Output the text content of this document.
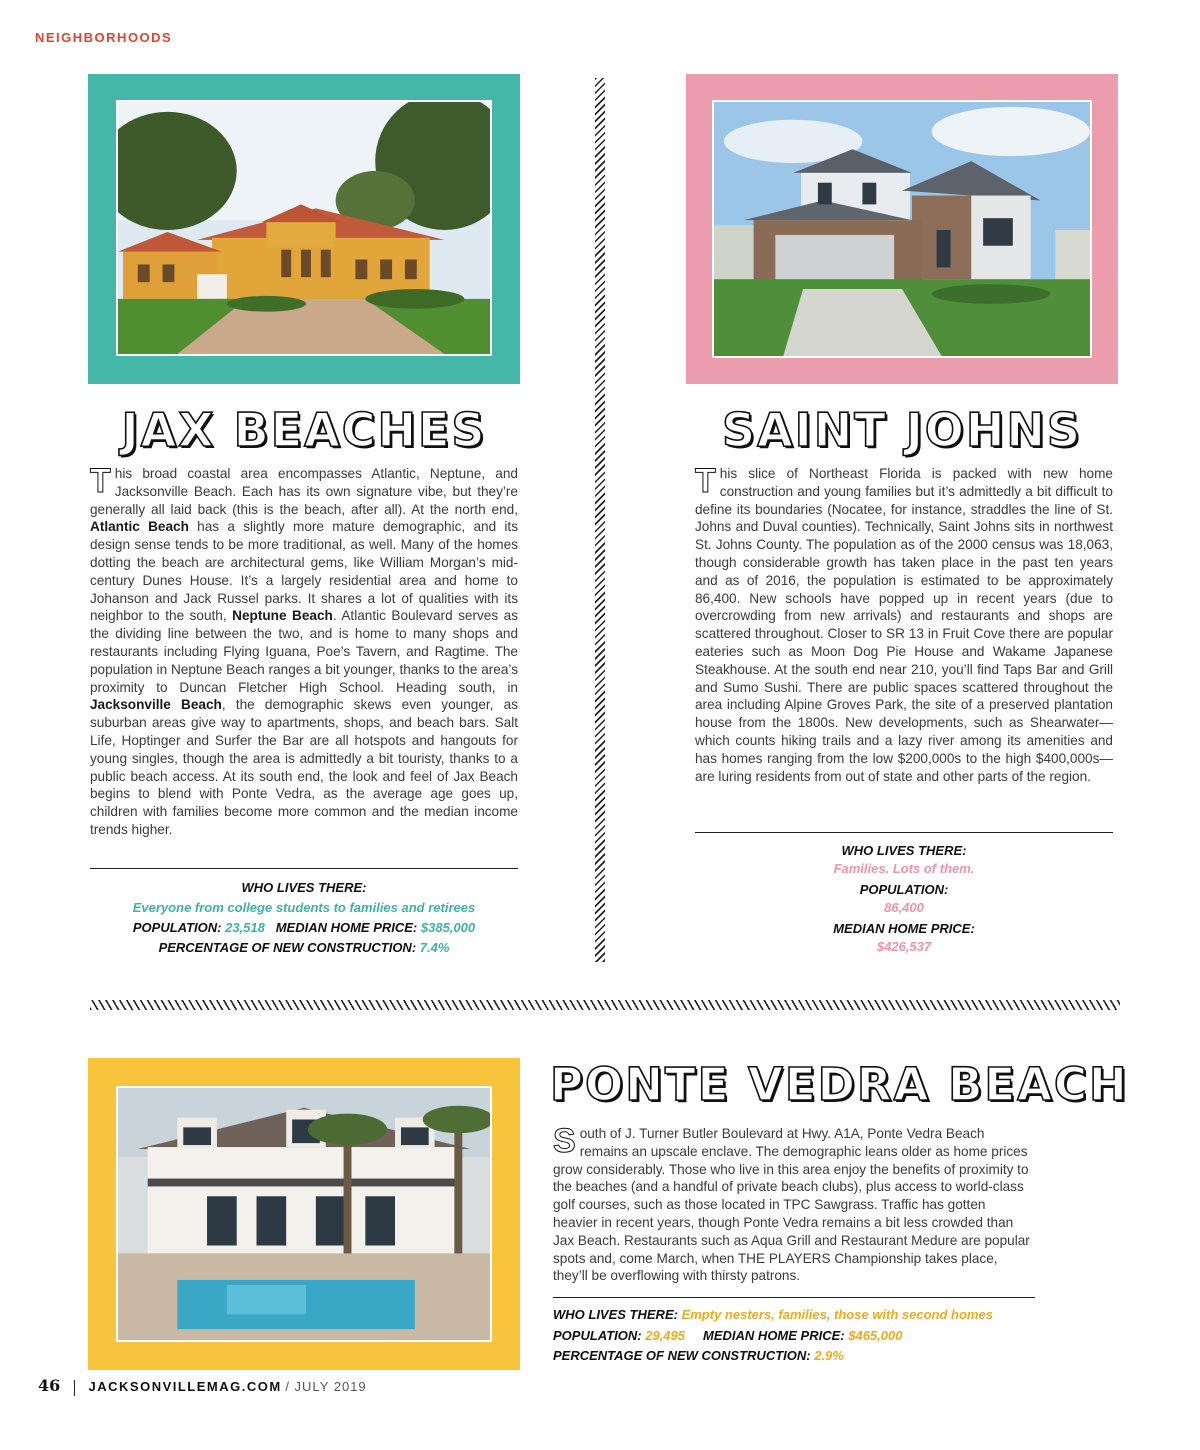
NEIGHBORHOODS
JAX BEACHES	SAINT JOHNS
This broad coastal area encompasses Atlantic, Neptune, and Jacksonville Beach. Each has its own signature vibe, but they’re generally all laid back (this is the beach, after all). At the north end, Atlantic Beach has a slightly more mature demographic, and its design sense tends to be more traditional, as well. Many of the homes dotting the beach are architectural gems, like William Morgan’s mid-century Dunes House. It’s a largely residential area and home to Johanson and Jack Russel parks. It shares a lot of qualities with its neighbor to the south, Neptune Beach. Atlantic Boulevard serves as the dividing line between the two, and is home to many shops and restaurants including Flying Iguana, Poe’s Tavern, and Ragtime. The population in Neptune Beach ranges a bit younger, thanks to the area’s proximity to Duncan Fletcher High School. Heading south, in Jacksonville Beach, the demographic skews even younger, as suburban areas give way to apartments, shops, and beach bars. Salt Life, Hoptinger and Surfer the Bar are all hotspots and hangouts for young singles, though the area is admittedly a bit touristy, thanks to a public beach access. At its south end, the look and feel of Jax Beach begins to blend with Ponte Vedra, as the average age goes up, children with families become more common and the median income trends higher.
WHO LIVES THERE:
Everyone from college students to families and retirees
POPULATION: 23,518 MEDIAN HOME PRICE: $385,000
PERCENTAGE OF NEW CONSTRUCTION: 7.4%
This slice of Northeast Florida is packed with new home construction and young families but it’s admittedly a bit difficult to define its boundaries (Nocatee, for instance, straddles the line of St. Johns and Duval counties). Technically, Saint Johns sits in northwest St. Johns County. The population as of the 2000 census was 18,063, though considerable growth has taken place in the past ten years and as of 2016, the population is estimated to be approximately 86,400. New schools have popped up in recent years (due to overcrowding from new arrivals) and restaurants and shops are scattered throughout. Closer to SR 13 in Fruit Cove there are popular eateries such as Moon Dog Pie House and Wakame Japanese Steakhouse. At the south end near 210, you’ll find Taps Bar and Grill and Sumo Sushi. There are public spaces scattered throughout the area including Alpine Groves Park, the site of a preserved plantation house from the 1800s. New developments, such as Shearwater—which counts hiking trails and a lazy river among its amenities and has homes ranging from the low $200,000s to the high $400,000s—are luring residents from out of state and other parts of the region.
WHO LIVES THERE:
Families. Lots of them.
POPULATION:
86,400
MEDIAN HOME PRICE:
$426,537
PONTE VEDRA BEACH
South of J. Turner Butler Boulevard at Hwy. A1A, Ponte Vedra Beach remains an upscale enclave. The demographic leans older as home prices grow considerably. Those who live in this area enjoy the benefits of proximity to the beaches (and a handful of private beach clubs), plus access to world-class golf courses, such as those located in TPC Sawgrass. Traffic has gotten heavier in recent years, though Ponte Vedra remains a bit less crowded than Jax Beach. Restaurants such as Aqua Grill and Restaurant Medure are popular spots and, come March, when THE PLAYERS Championship takes place, they’ll be overflowing with thirsty patrons.
WHO LIVES THERE: Empty nesters, families, those with second homes
POPULATION: 29,495 MEDIAN HOME PRICE: $465,000
PERCENTAGE OF NEW CONSTRUCTION: 2.9%
46 JACKSONVILLEMAG.COM / JULY 2019
